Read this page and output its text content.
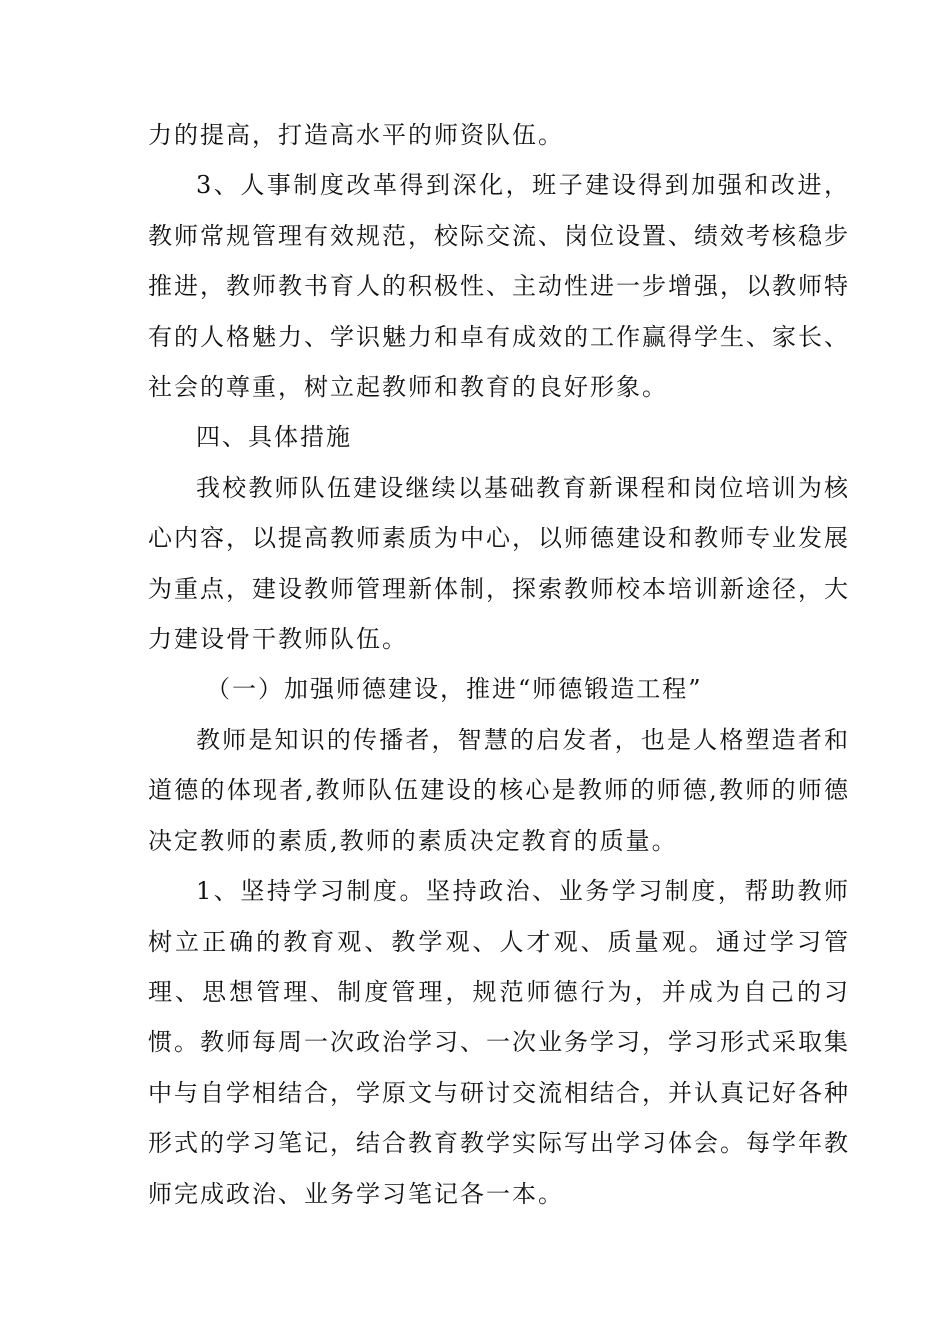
力的提高，打造高水平的师资队伍。

3、人事制度改革得到深化，班子建设得到加强和改进，教师常规管理有效规范，校际交流、岗位设置、绩效考核稳步推进，教师教书育人的积极性、主动性进一步增强，以教师特有的人格魅力、学识魅力和卓有成效的工作赢得学生、家长、社会的尊重，树立起教师和教育的良好形象。

四、具体措施

我校教师队伍建设继续以基础教育新课程和岗位培训为核心内容，以提高教师素质为中心，以师德建设和教师专业发展为重点，建设教师管理新体制，探索教师校本培训新途径，大力建设骨干教师队伍。

（一）加强师德建设，推进“师德锻造工程”

教师是知识的传播者，智慧的启发者，也是人格塑造者和道德的体现者,教师队伍建设的核心是教师的师德,教师的师德决定教师的素质,教师的素质决定教育的质量。

1、坚持学习制度。坚持政治、业务学习制度，帮助教师树立正确的教育观、教学观、人才观、质量观。通过学习管理、思想管理、制度管理，规范师德行为，并成为自己的习惯。教师每周一次政治学习、一次业务学习，学习形式采取集中与自学相结合，学原文与研讨交流相结合，并认真记好各种形式的学习笔记，结合教育教学实际写出学习体会。每学年教师完成政治、业务学习笔记各一本。
